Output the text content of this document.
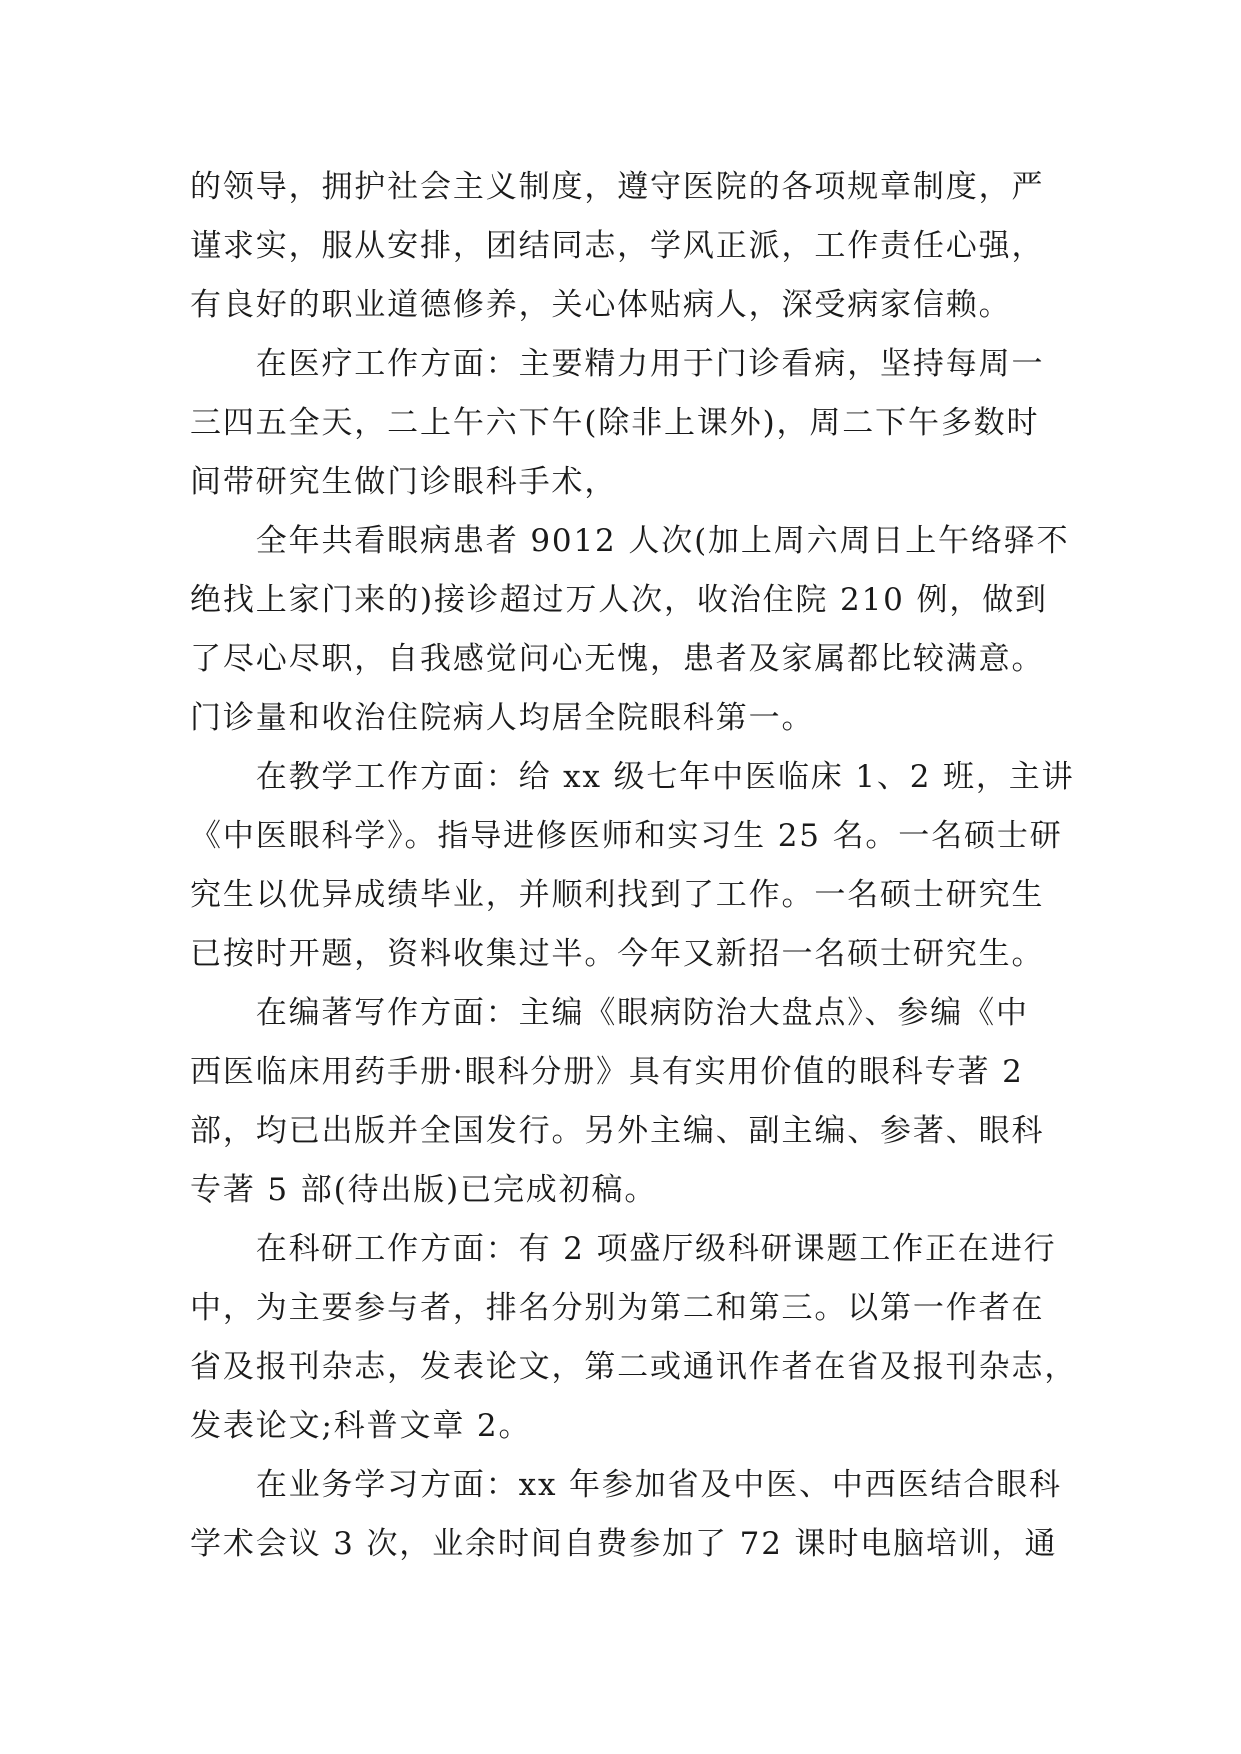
的领导，拥护社会主义制度，遵守医院的各项规章制度，严
谨求实，服从安排，团结同志，学风正派，工作责任心强，
有良好的职业道德修养，关心体贴病人，深受病家信赖。
　　在医疗工作方面：主要精力用于门诊看病，坚持每周一
三四五全天，二上午六下午(除非上课外)，周二下午多数时
间带研究生做门诊眼科手术，
　　全年共看眼病患者 9012 人次(加上周六周日上午络驿不
绝找上家门来的)接诊超过万人次，收治住院 210 例，做到
了尽心尽职，自我感觉问心无愧，患者及家属都比较满意。
门诊量和收治住院病人均居全院眼科第一。
　　在教学工作方面：给 xx 级七年中医临床 1、2 班，主讲
《中医眼科学》。指导进修医师和实习生 25 名。一名硕士研
究生以优异成绩毕业，并顺利找到了工作。一名硕士研究生
已按时开题，资料收集过半。今年又新招一名硕士研究生。
　　在编著写作方面：主编《眼病防治大盘点》、参编《中
西医临床用药手册·眼科分册》具有实用价值的眼科专著 2
部，均已出版并全国发行。另外主编、副主编、参著、眼科
专著 5 部(待出版)已完成初稿。
　　在科研工作方面：有 2 项盛厅级科研课题工作正在进行
中，为主要参与者，排名分别为第二和第三。以第一作者在
省及报刊杂志，发表论文，第二或通讯作者在省及报刊杂志，
发表论文;科普文章 2。
　　在业务学习方面：xx 年参加省及中医、中西医结合眼科
学术会议 3 次，业余时间自费参加了 72 课时电脑培训，通
